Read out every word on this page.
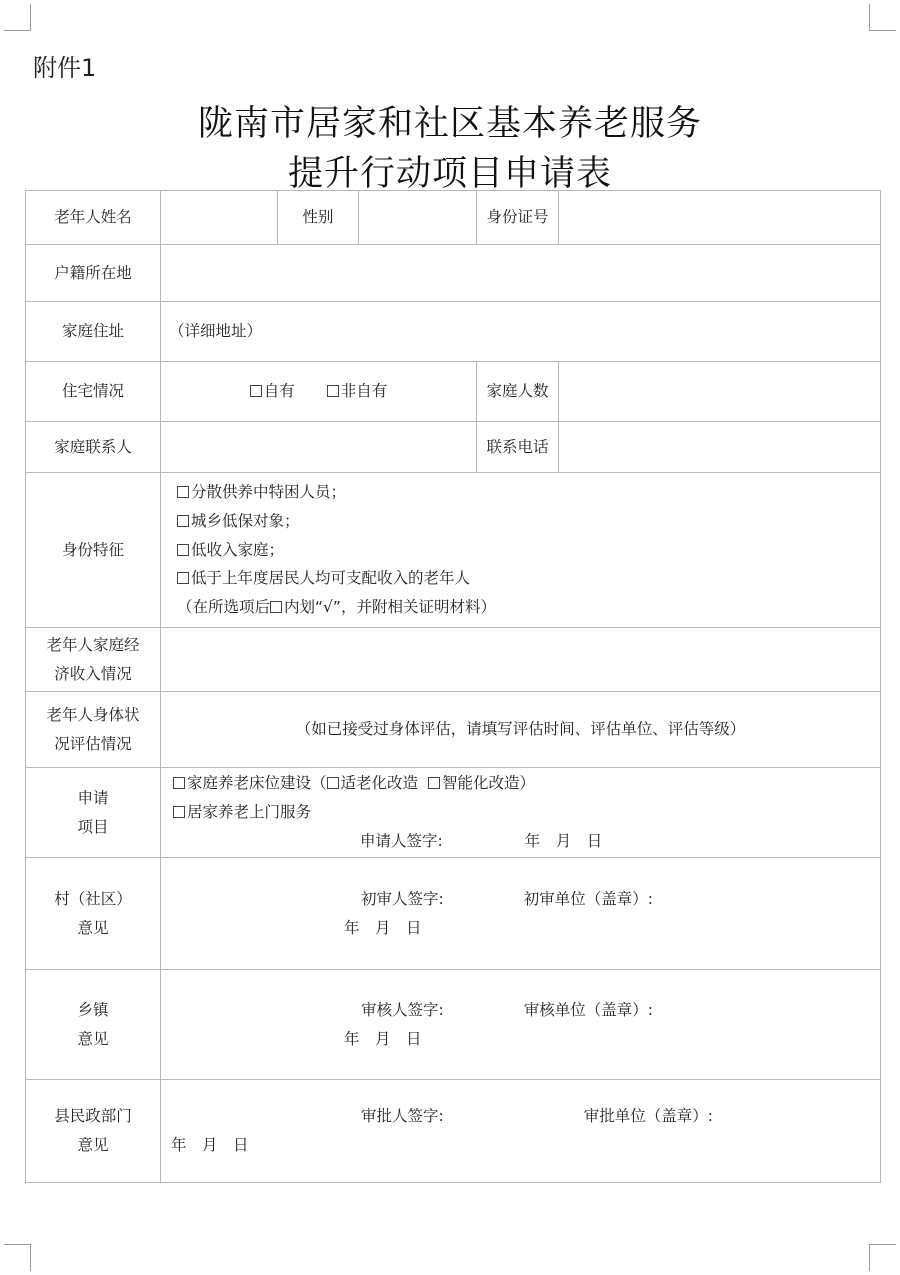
附件1
陇南市居家和社区基本养老服务
提升行动项目申请表
老年人姓名		性别		身份证号	
户籍所在地					
家庭住址	（详细地址）				
住宅情况	自有 非自有			家庭人数	
家庭联系人				联系电话	
身份特征	分散供养中特困人员；
城乡低保对象；
低收入家庭；
低于上年度居民人均可支配收入的老年人
（在所选项后 内划“√”，并附相关证明材料）				

老年人家庭经
济收入情况					

老年人身体状
况评估情况	（如已接受过身体评估，请填写评估时间、评估单位、评估等级）				

申请
项目	家庭养老床位建设（ 适老化改造 智能化改造）
居家养老上门服务
申请人签字: 年　月　日				

村（社区）
意见	初审人签字: 初审单位（盖章）:
年　月　日				

乡镇
意见	审核人签字: 审核单位（盖章）:
年　月　日				

县民政部门
意见	审批人签字: 审批单位（盖章）:
年　月　日				
